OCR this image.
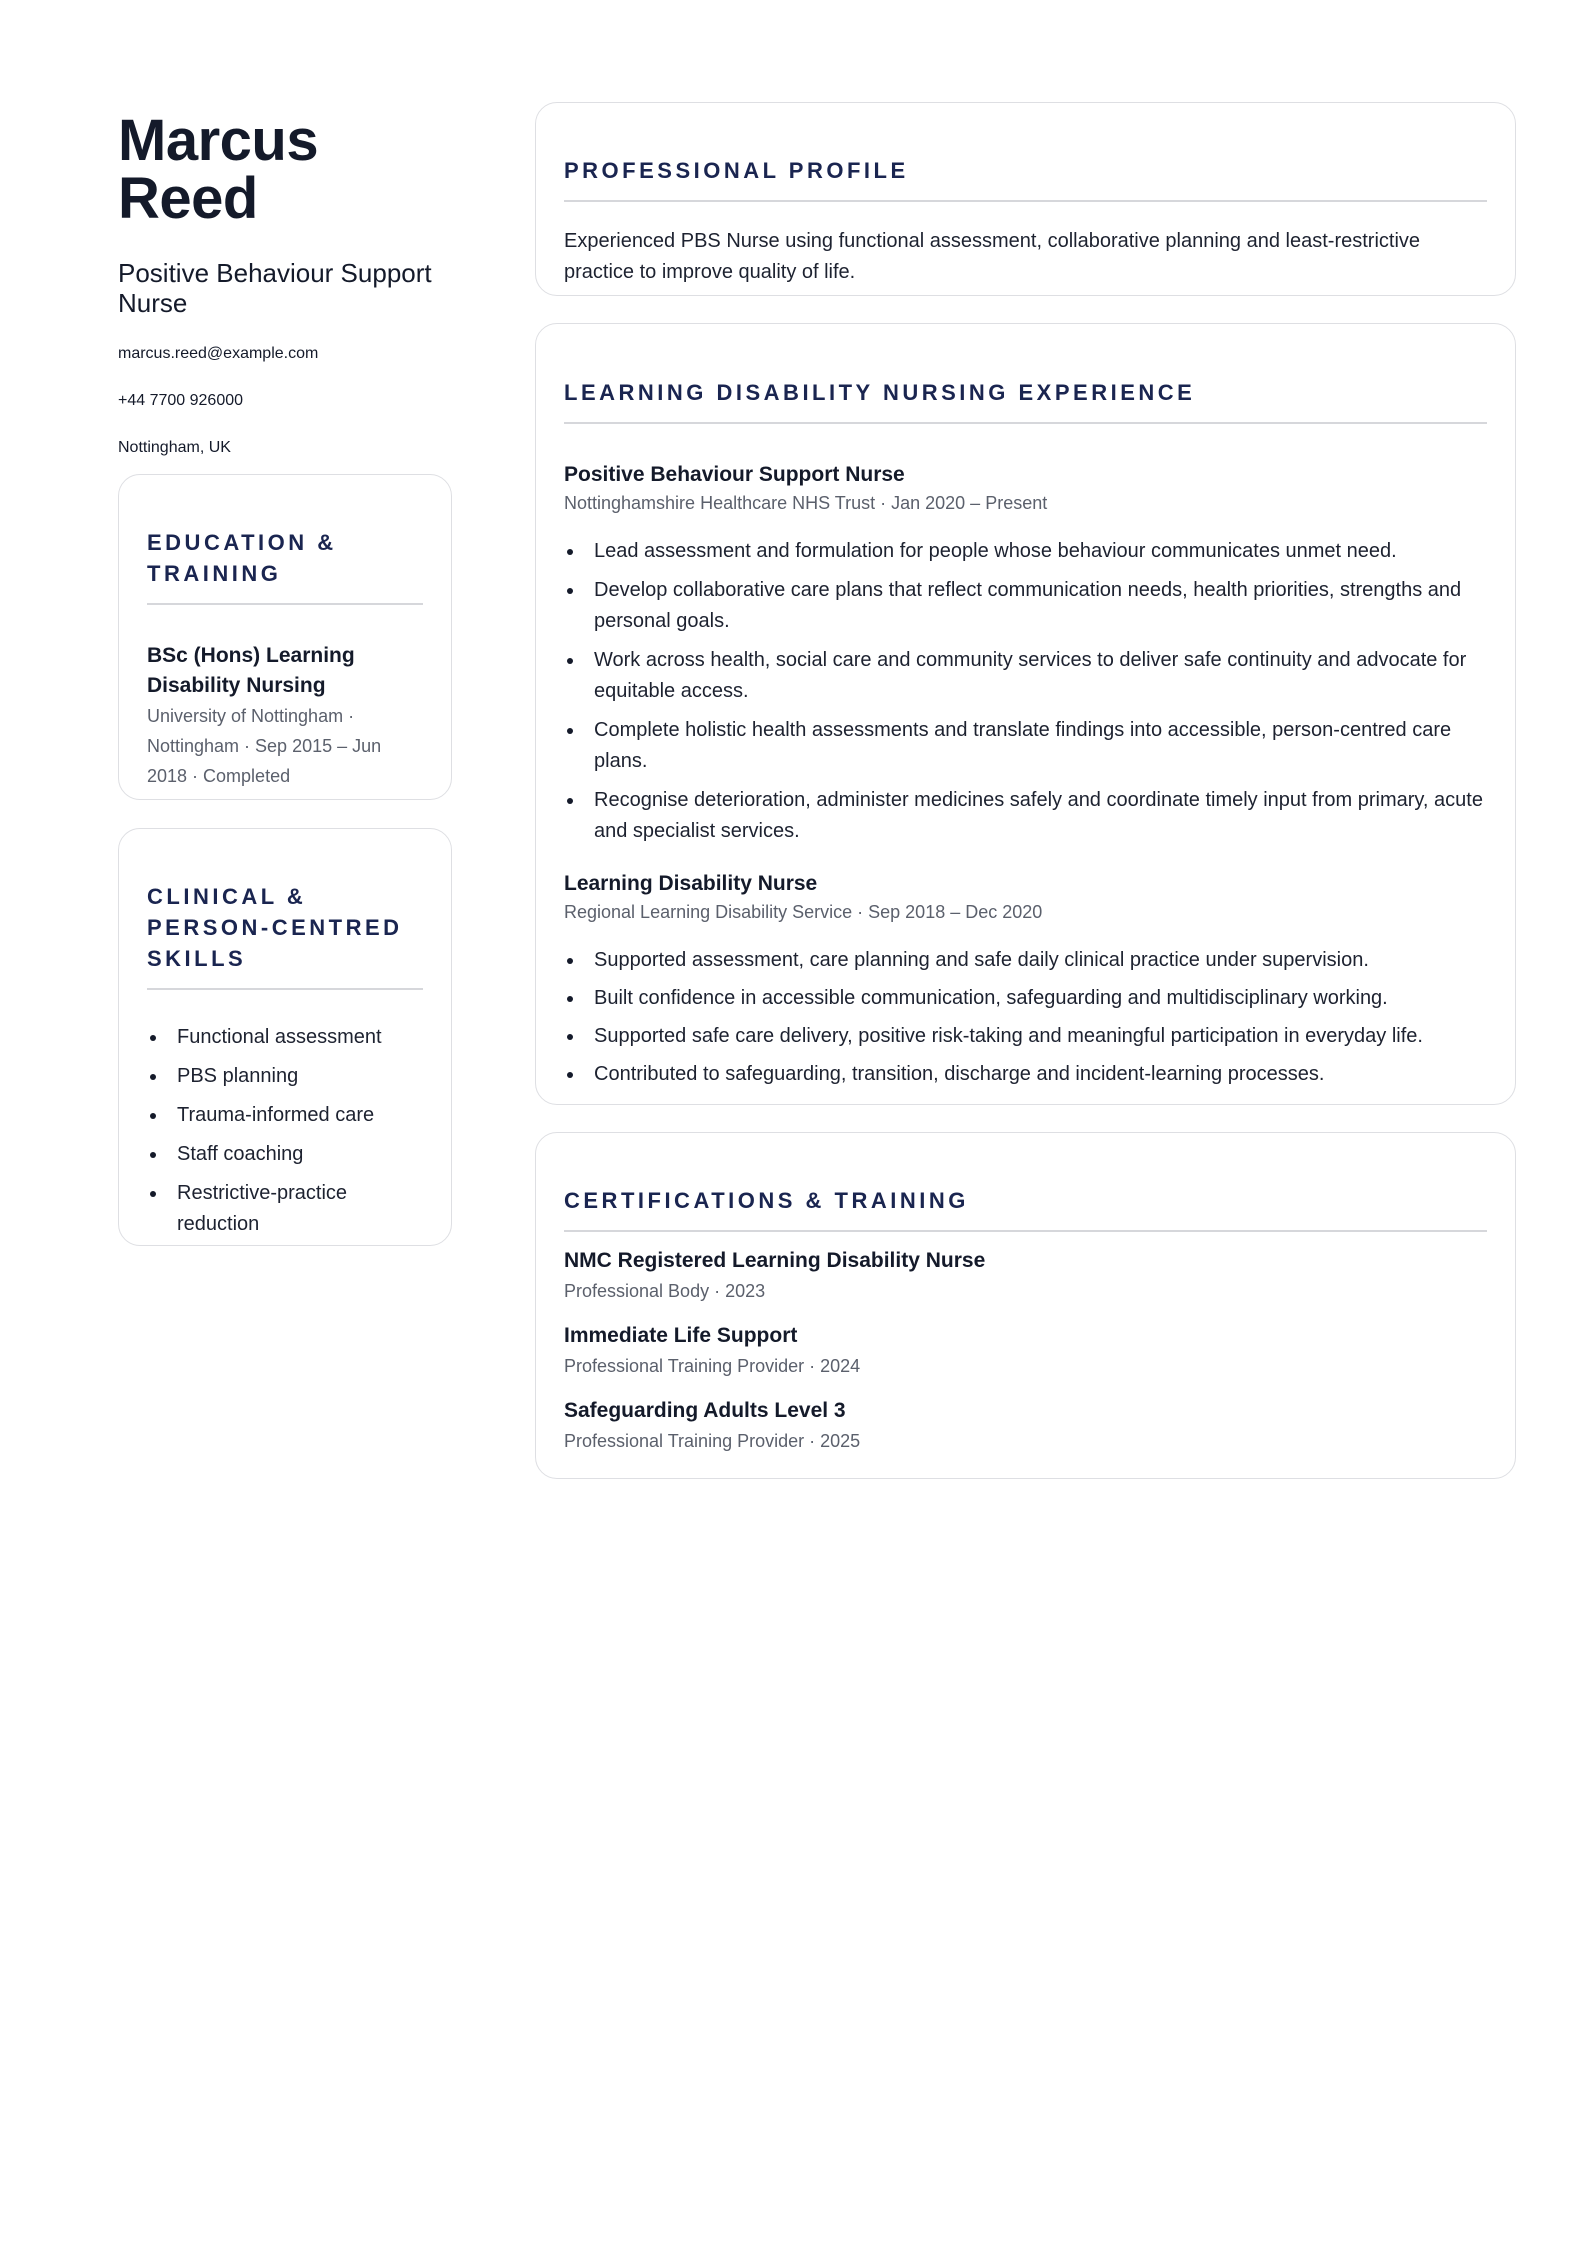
Marcus Reed
Positive Behaviour Support Nurse
marcus.reed@example.com
+44 7700 926000
Nottingham, UK
EDUCATION & TRAINING
BSc (Hons) Learning Disability Nursing
University of Nottingham · Nottingham · Sep 2015 – Jun 2018 · Completed
CLINICAL & PERSON-CENTRED SKILLS
Functional assessment
PBS planning
Trauma-informed care
Staff coaching
Restrictive-practice reduction
PROFESSIONAL PROFILE
Experienced PBS Nurse using functional assessment, collaborative planning and least-restrictive practice to improve quality of life.
LEARNING DISABILITY NURSING EXPERIENCE
Positive Behaviour Support Nurse
Nottinghamshire Healthcare NHS Trust · Jan 2020 – Present
Lead assessment and formulation for people whose behaviour communicates unmet need.
Develop collaborative care plans that reflect communication needs, health priorities, strengths and personal goals.
Work across health, social care and community services to deliver safe continuity and advocate for equitable access.
Complete holistic health assessments and translate findings into accessible, person-centred care plans.
Recognise deterioration, administer medicines safely and coordinate timely input from primary, acute and specialist services.
Learning Disability Nurse
Regional Learning Disability Service · Sep 2018 – Dec 2020
Supported assessment, care planning and safe daily clinical practice under supervision.
Built confidence in accessible communication, safeguarding and multidisciplinary working.
Supported safe care delivery, positive risk-taking and meaningful participation in everyday life.
Contributed to safeguarding, transition, discharge and incident-learning processes.
CERTIFICATIONS & TRAINING
NMC Registered Learning Disability Nurse
Professional Body · 2023
Immediate Life Support
Professional Training Provider · 2024
Safeguarding Adults Level 3
Professional Training Provider · 2025
